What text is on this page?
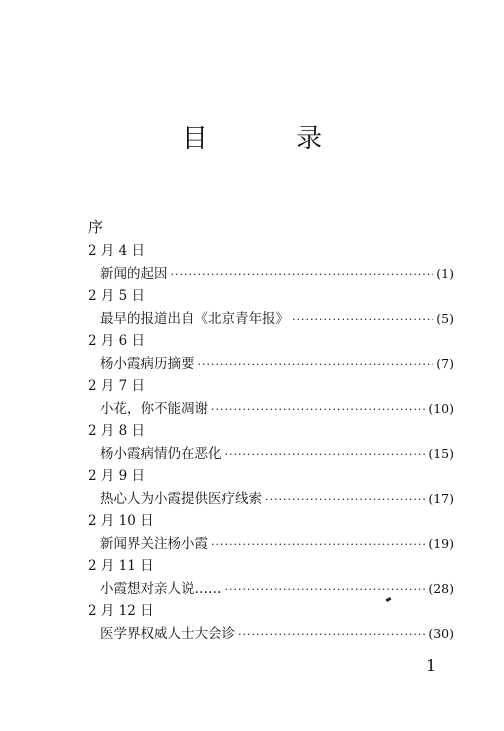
目 录
序
2 月 4 日
新闻的起因 ·····	(1)
2 月 5 日
最早的报道出自《北京青年报》 ·····	(5)
2 月 6 日
杨小霞病历摘要 ·····	(7)
2 月 7 日
小花，你不能凋谢 ·····	(10)
2 月 8 日
杨小霞病情仍在恶化 ·····	(15)
2 月 9 日
热心人为小霞提供医疗线索 ·····	(17)
2 月 10 日
新闻界关注杨小霞 ·····	(19)
2 月 11 日
小霞想对亲人说…… ·····	(28)
2 月 12 日
医学界权威人士大会诊 ·····	(30)
1
